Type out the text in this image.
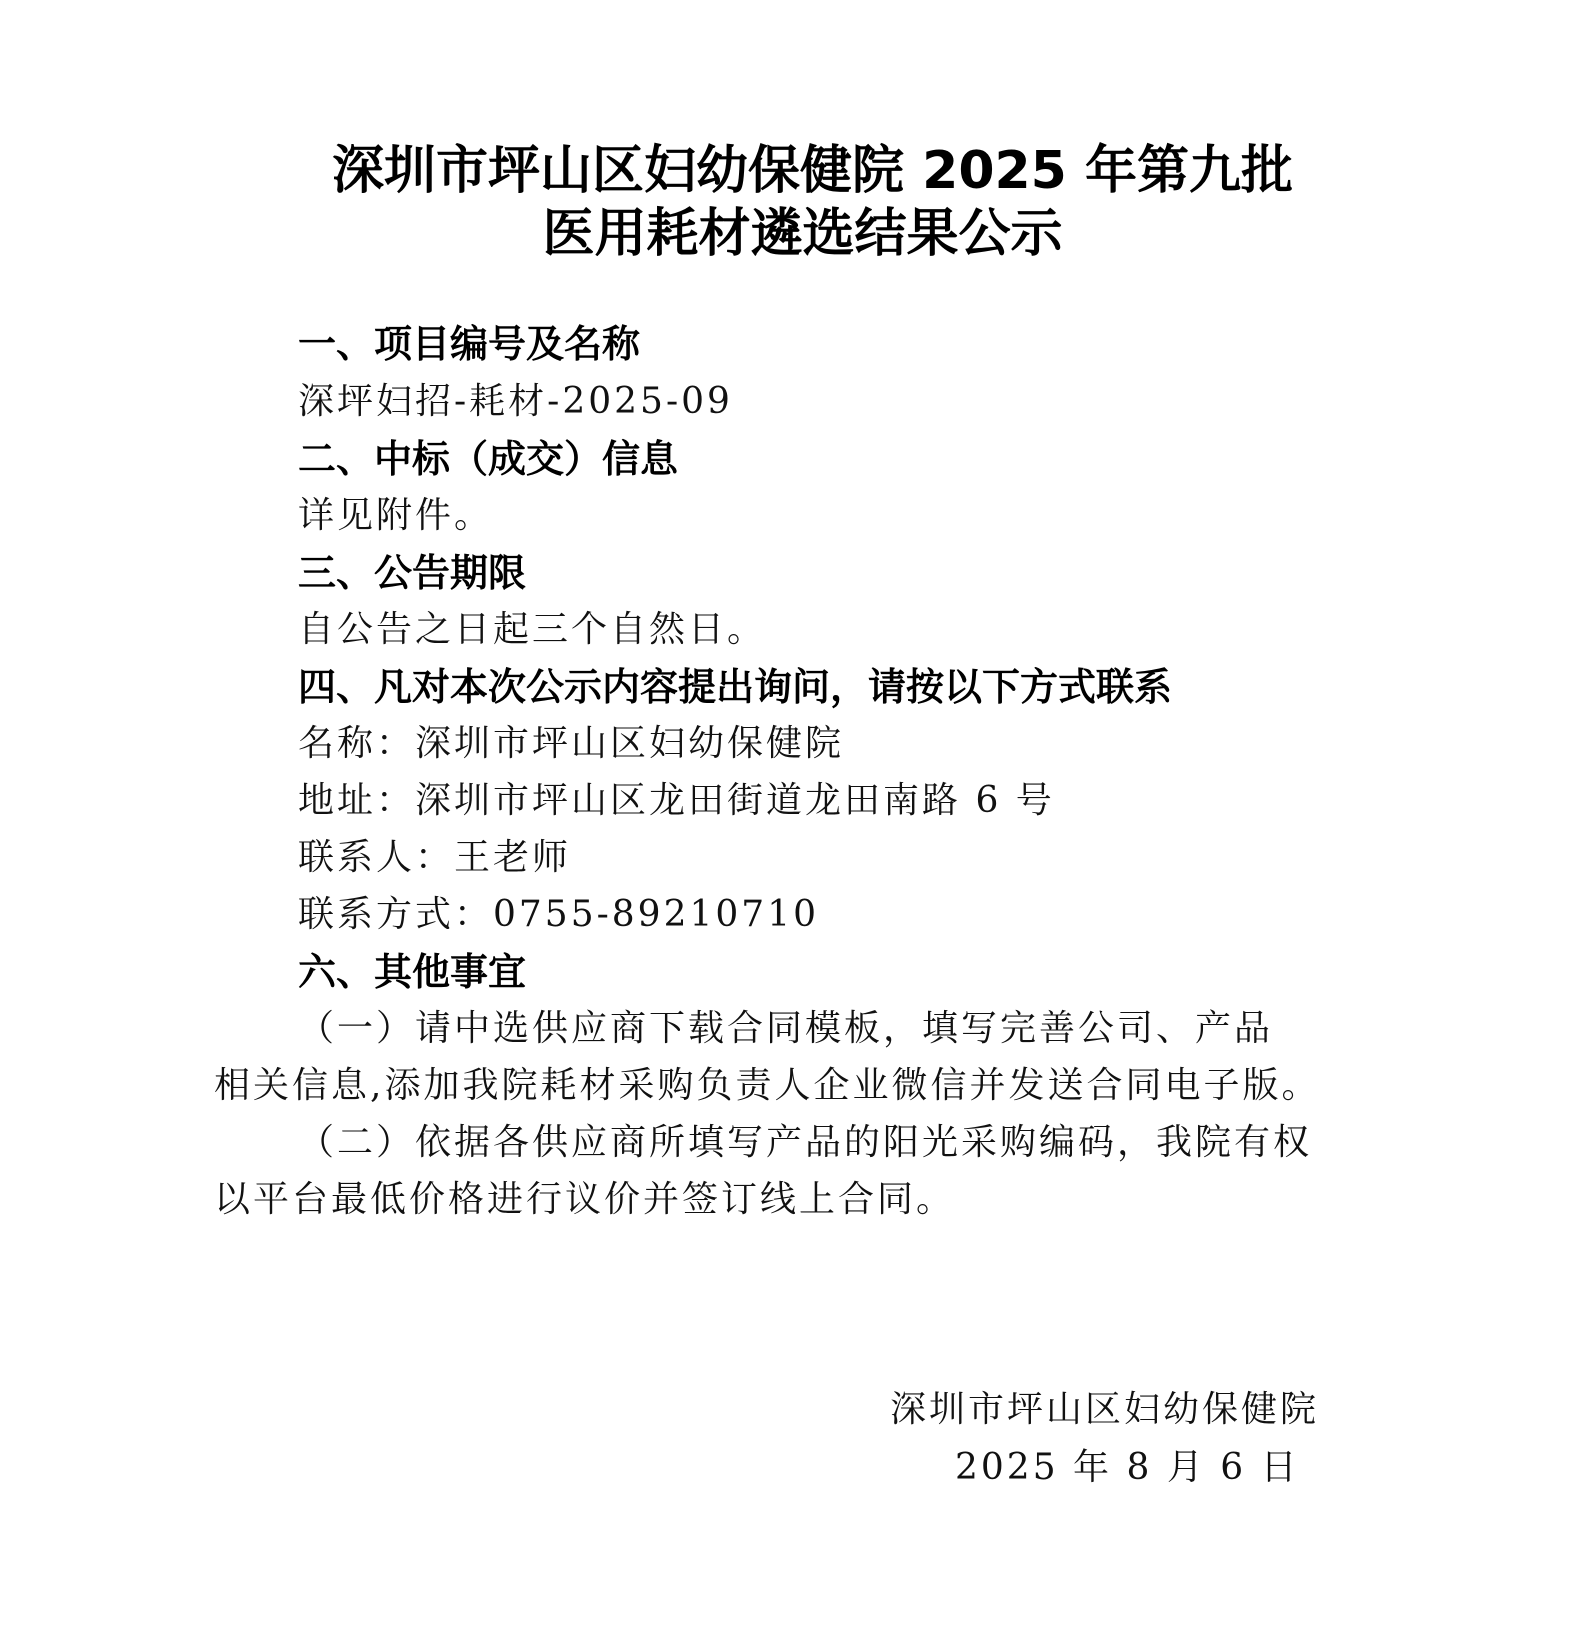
深圳市坪山区妇幼保健院 2025 年第九批
医用耗材遴选结果公示
一、项目编号及名称
深坪妇招-耗材-2025-09
二、中标（成交）信息
详见附件。
三、公告期限
自公告之日起三个自然日。
四、凡对本次公示内容提出询问，请按以下方式联系
名称：深圳市坪山区妇幼保健院
地址：深圳市坪山区龙田街道龙田南路 6 号
联系人：王老师
联系方式：0755-89210710
六、其他事宜
（一）请中选供应商下载合同模板，填写完善公司、产品
相关信息,添加我院耗材采购负责人企业微信并发送合同电子版。
（二）依据各供应商所填写产品的阳光采购编码，我院有权
以平台最低价格进行议价并签订线上合同。
深圳市坪山区妇幼保健院
2025 年 8 月 6 日
